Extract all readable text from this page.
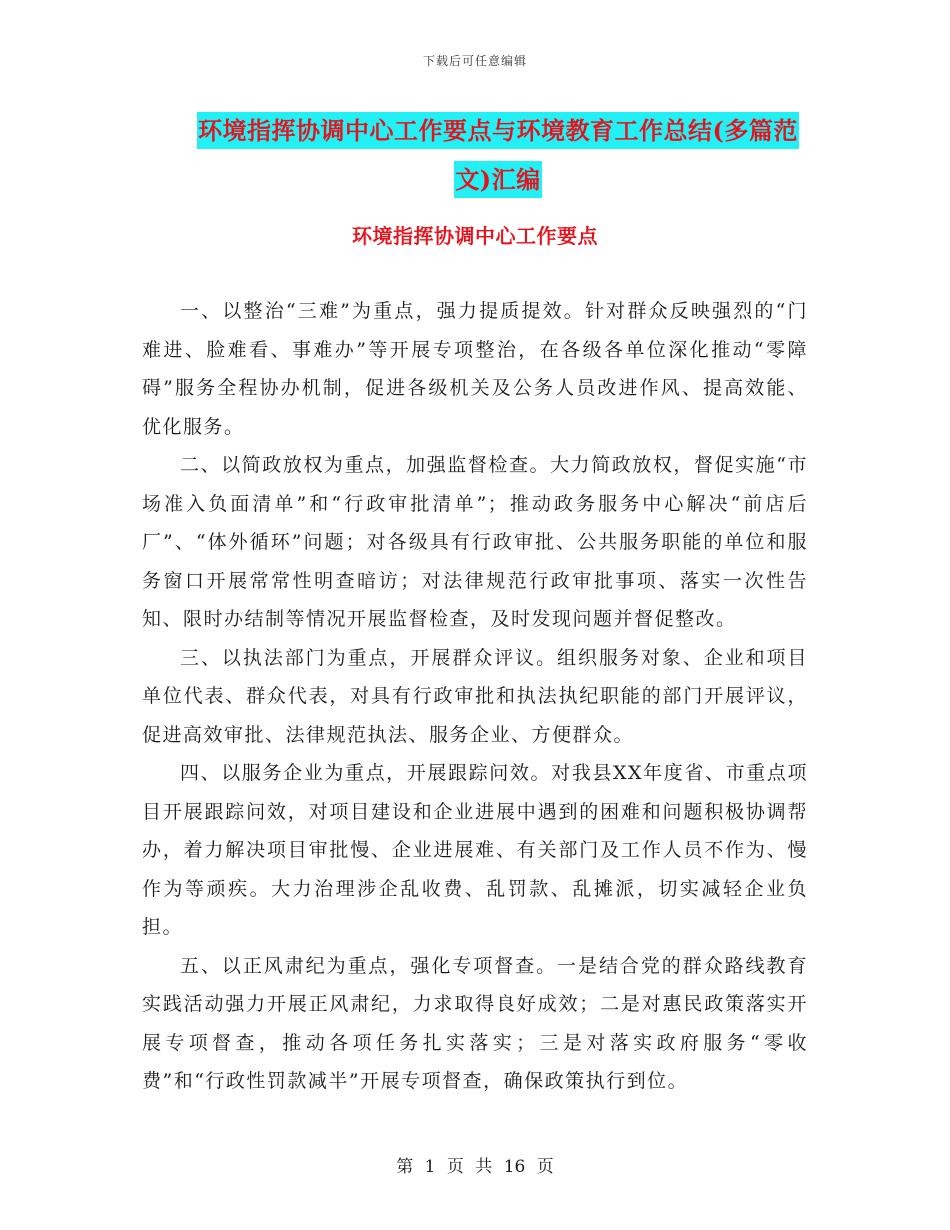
下载后可任意编辑
环境指挥协调中心工作要点与环境教育工作总结(多篇范文)汇编
环境指挥协调中心工作要点

一、以整治“三难”为重点，强力提质提效。针对群众反映强烈的“门难进、脸难看、事难办”等开展专项整治，在各级各单位深化推动“零障碍”服务全程协办机制，促进各级机关及公务人员改进作风、提高效能、优化服务。

二、以简政放权为重点，加强监督检查。大力简政放权，督促实施“市场准入负面清单”和“行政审批清单”；推动政务服务中心解决“前店后厂”、“体外循环”问题；对各级具有行政审批、公共服务职能的单位和服务窗口开展常常性明查暗访；对法律规范行政审批事项、落实一次性告知、限时办结制等情况开展监督检查，及时发现问题并督促整改。

三、以执法部门为重点，开展群众评议。组织服务对象、企业和项目单位代表、群众代表，对具有行政审批和执法执纪职能的部门开展评议，促进高效审批、法律规范执法、服务企业、方便群众。

四、以服务企业为重点，开展跟踪问效。对我县XX年度省、市重点项目开展跟踪问效，对项目建设和企业进展中遇到的困难和问题积极协调帮办，着力解决项目审批慢、企业进展难、有关部门及工作人员不作为、慢作为等顽疾。大力治理涉企乱收费、乱罚款、乱摊派，切实减轻企业负担。

五、以正风肃纪为重点，强化专项督查。一是结合党的群众路线教育实践活动强力开展正风肃纪，力求取得良好成效；二是对惠民政策落实开展专项督查，推动各项任务扎实落实；三是对落实政府服务“零收费”和“行政性罚款减半”开展专项督查，确保政策执行到位。

第 1 页 共 16 页
